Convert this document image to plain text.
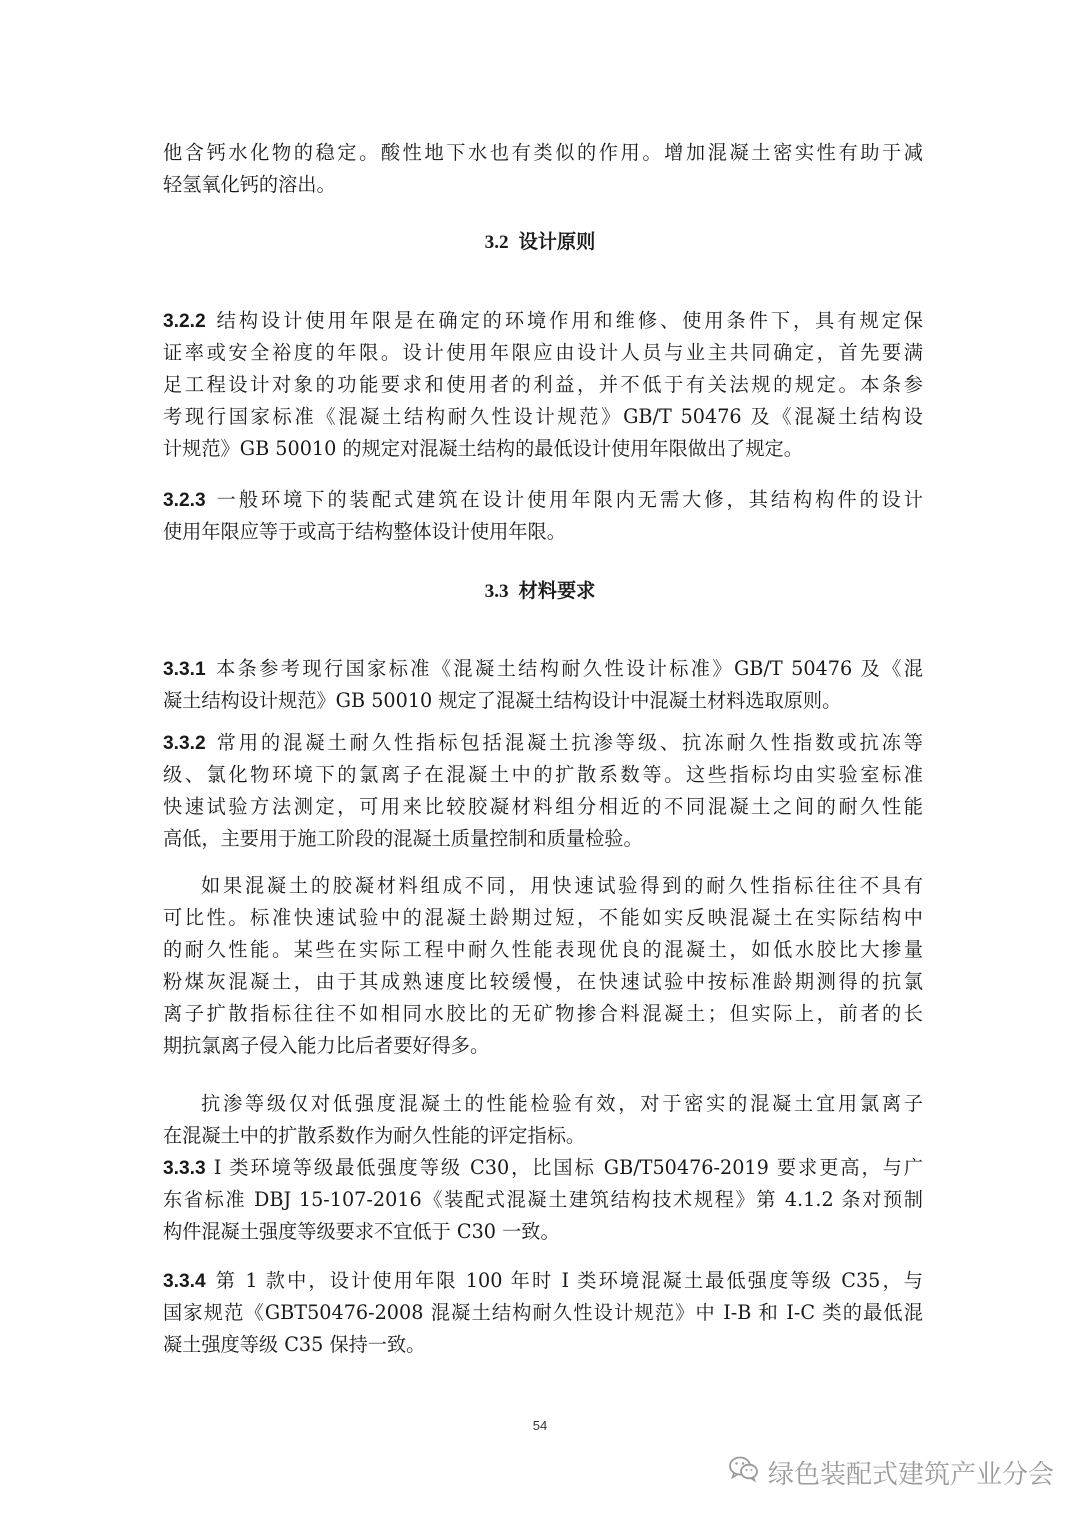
他含钙水化物的稳定。酸性地下水也有类似的作用。增加混凝土密实性有助于减
轻氢氧化钙的溶出。
3.2 设计原则
3.2.2 结构设计使用年限是在确定的环境作用和维修、使用条件下，具有规定保
证率或安全裕度的年限。设计使用年限应由设计人员与业主共同确定，首先要满
足工程设计对象的功能要求和使用者的利益，并不低于有关法规的规定。本条参
考现行国家标准《混凝土结构耐久性设计规范》GB/T 50476 及《混凝土结构设
计规范》GB 50010 的规定对混凝土结构的最低设计使用年限做出了规定。
3.2.3 一般环境下的装配式建筑在设计使用年限内无需大修，其结构构件的设计
使用年限应等于或高于结构整体设计使用年限。
3.3 材料要求
3.3.1 本条参考现行国家标准《混凝土结构耐久性设计标准》GB/T 50476 及《混
凝土结构设计规范》GB 50010 规定了混凝土结构设计中混凝土材料选取原则。
3.3.2 常用的混凝土耐久性指标包括混凝土抗渗等级、抗冻耐久性指数或抗冻等
级、氯化物环境下的氯离子在混凝土中的扩散系数等。这些指标均由实验室标准
快速试验方法测定，可用来比较胶凝材料组分相近的不同混凝土之间的耐久性能
高低，主要用于施工阶段的混凝土质量控制和质量检验。
如果混凝土的胶凝材料组成不同，用快速试验得到的耐久性指标往往不具有
可比性。标准快速试验中的混凝土龄期过短，不能如实反映混凝土在实际结构中
的耐久性能。某些在实际工程中耐久性能表现优良的混凝土，如低水胶比大掺量
粉煤灰混凝土，由于其成熟速度比较缓慢，在快速试验中按标准龄期测得的抗氯
离子扩散指标往往不如相同水胶比的无矿物掺合料混凝土；但实际上，前者的长
期抗氯离子侵入能力比后者要好得多。
抗渗等级仅对低强度混凝土的性能检验有效，对于密实的混凝土宜用氯离子
在混凝土中的扩散系数作为耐久性能的评定指标。
3.3.3 I 类环境等级最低强度等级 C30，比国标 GB/T50476-2019 要求更高，与广
东省标准 DBJ 15-107-2016《装配式混凝土建筑结构技术规程》第 4.1.2 条对预制
构件混凝土强度等级要求不宜低于 C30 一致。
3.3.4 第 1 款中，设计使用年限 100 年时 I 类环境混凝土最低强度等级 C35，与
国家规范《GBT50476-2008 混凝土结构耐久性设计规范》中 I-B 和 I-C 类的最低混
凝土强度等级 C35 保持一致。
54
绿色装配式建筑产业分会
